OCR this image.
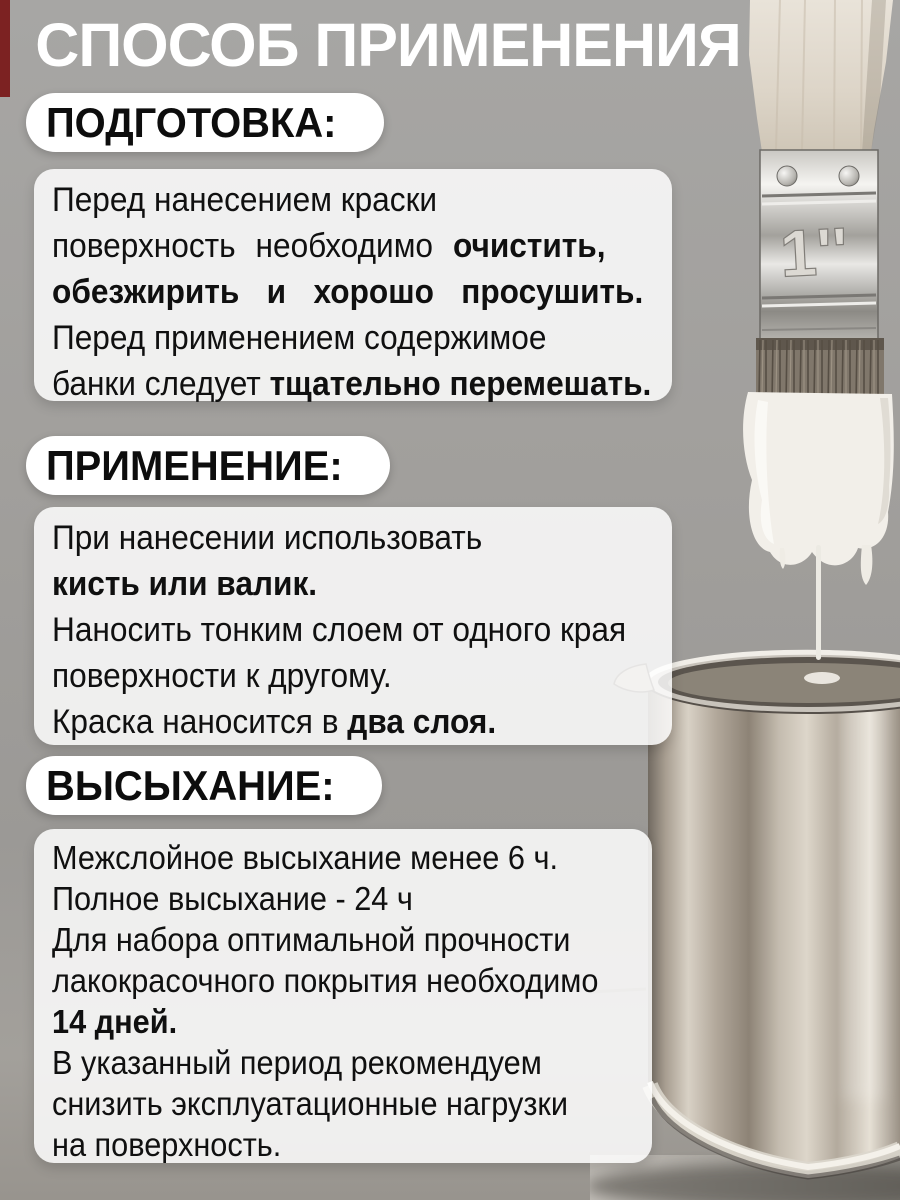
1''
СПОСОБ ПРИМЕНЕНИЯ
ПОДГОТОВКА:
Перед нанесением краски
поверхность необходимо очистить,
обезжирить и хорошо просушить.
Перед применением содержимое
банки следует тщательно перемешать.
ПРИМЕНЕНИЕ:
При нанесении использовать
кисть или валик.
Наносить тонким слоем от одного края
поверхности к другому.
Краска наносится в два слоя.
ВЫСЫХАНИЕ:
Межслойное высыхание менее 6 ч.
Полное высыхание - 24 ч
Для набора оптимальной прочности
лакокрасочного покрытия необходимо
14 дней.
В указанный период рекомендуем
снизить эксплуатационные нагрузки
на поверхность.
